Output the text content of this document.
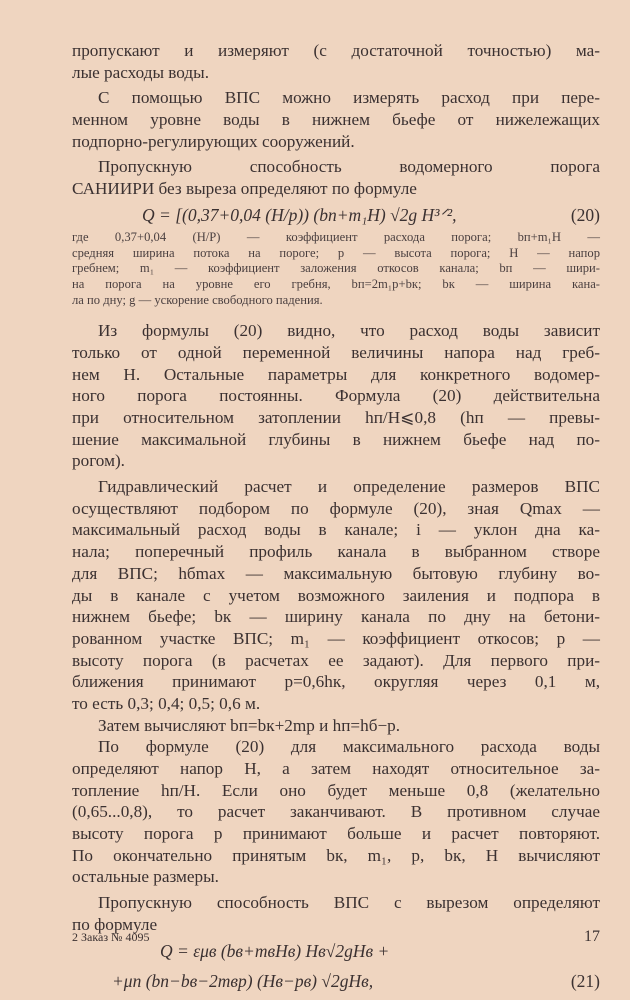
пропускают и измеряют (с достаточной точностью) ма-
лые расходы воды.
С помощью ВПС можно измерять расход при пере-
менном уровне воды в нижнем бьефе от нижележащих
подпорно-регулирующих сооружений.
Пропускную способность водомерного порога
САНИИРИ без выреза определяют по формуле
Q = [(0,37+0,04 (H/p)) (bп+m₁H) √2g H³ᐟ²,	(20)
где 0,37+0,04 (H/P) — коэффициент расхода порога; bп+m₁H —
средняя ширина потока на пороге; p — высота порога; H — напор
гребнем; m₁ — коэффициент заложения откосов канала; bп — шири-
на порога на уровне его гребня, bп=2m₁p+bк; bк — ширина кана-
ла по дну; g — ускорение свободного падения.
Из формулы (20) видно, что расход воды зависит
только от одной переменной величины напора над греб-
нем H. Остальные параметры для конкретного водомер-
ного порога постоянны. Формула (20) действительна
при относительном затоплении hп/H⩽0,8 (hп — превы-
шение максимальной глубины в нижнем бьефе над по-
рогом).
Гидравлический расчет и определение размеров ВПС
осуществляют подбором по формуле (20), зная Qmax —
максимальный расход воды в канале; i — уклон дна ка-
нала; поперечный профиль канала в выбранном створе
для ВПС; hбmax — максимальную бытовую глубину во-
ды в канале с учетом возможного заиления и подпора в
нижнем бьефе; bк — ширину канала по дну на бетони-
рованном участке ВПС; m₁ — коэффициент откосов; p —
высоту порога (в расчетах ее задают). Для первого при-
ближения принимают p=0,6hк, округляя через 0,1 м,
то есть 0,3; 0,4; 0,5; 0,6 м.
Затем вычисляют bп=bк+2mp и hп=hб−p.
По формуле (20) для максимального расхода воды
определяют напор H, а затем находят относительное за-
топление hп/H. Если оно будет меньше 0,8 (желательно
(0,65...0,8), то расчет заканчивают. В противном случае
высоту порога p принимают больше и расчет повторяют.
По окончательно принятым bк, m₁, p, bк, H вычисляют
остальные размеры.
Пропускную способность ВПС с вырезом определяют
по формуле
Q = εμв (bв+mвHв) Hв√2gHв +
+μп (bп−bв−2mвp) (Hв−pв) √2gHв,	(21)
2 Заказ № 4095	17
